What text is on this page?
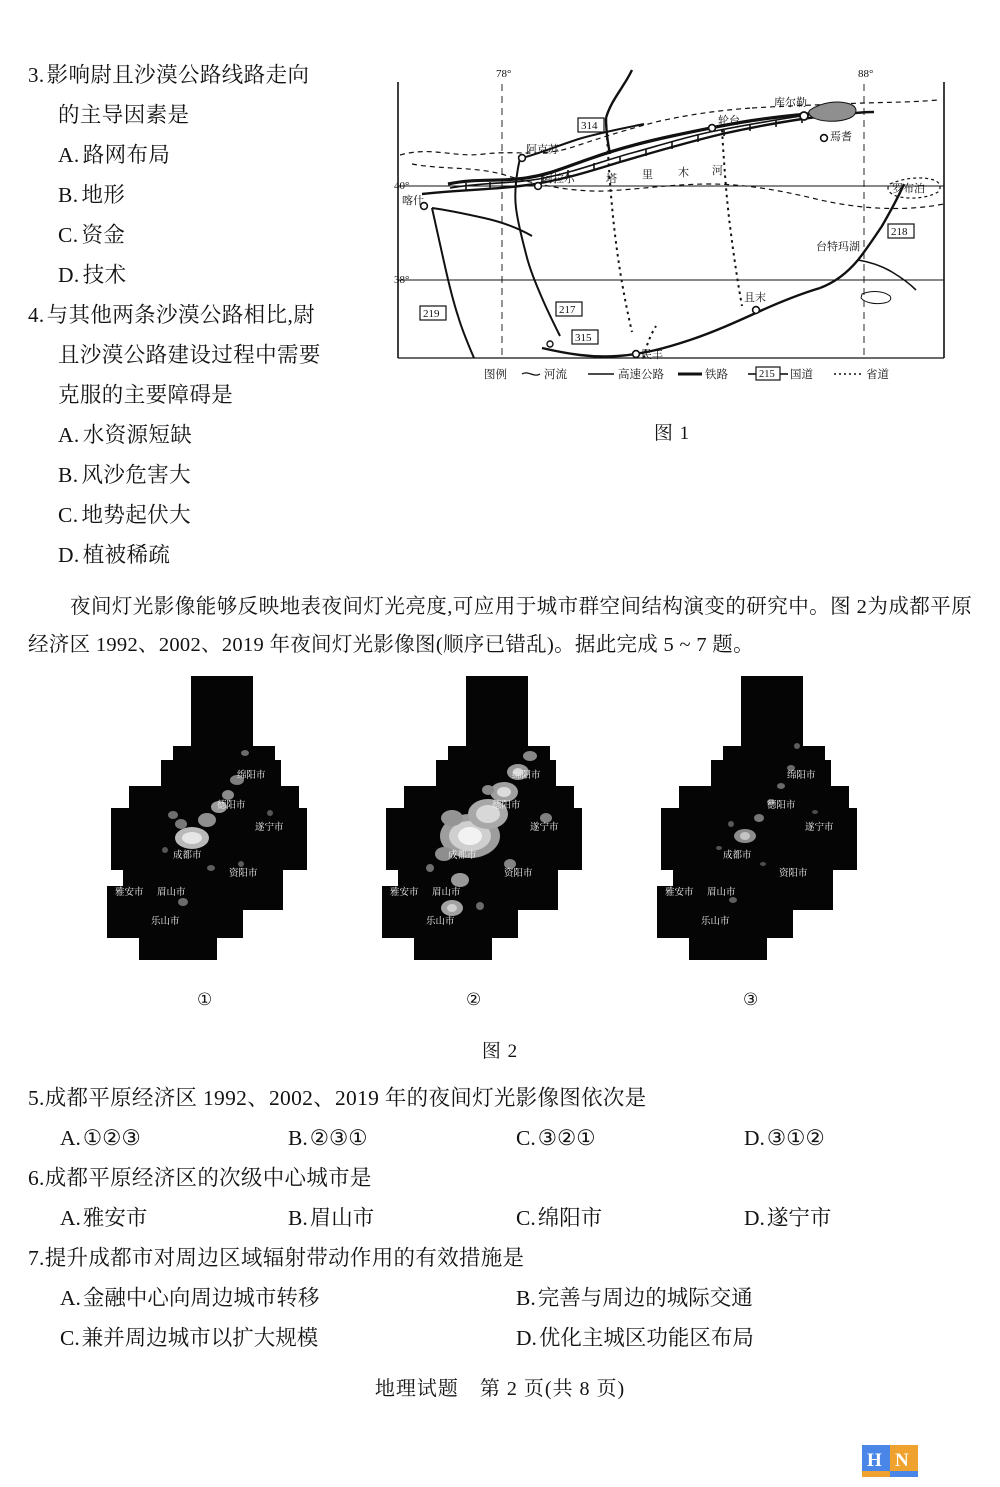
3. 影响尉且沙漠公路线路走向
的主导因素是
A. 路网布局
B. 地形
C. 资金
D. 技术
4. 与其他两条沙漠公路相比,尉
且沙漠公路建设过程中需要
克服的主要障碍是
A. 水资源短缺
B. 风沙危害大
C. 地势起伏大
D. 植被稀疏
78°	88°
40°
38°
喀什
阿克苏
阿拉尔
轮台
库尔勒
焉耆
民丰
且末
塔 里 木 河
罗布泊
台特玛湖
314
219	217
315
218
图例	河流	高速公路	铁路	215 国道	省道
图 1
夜间灯光影像能够反映地表夜间灯光亮度,可应用于城市群空间结构演变的研究中。图 2为成都平原经济区 1992、2002、2019 年夜间灯光影像图(顺序已错乱)。据此完成 5 ~ 7 题。
绵阳市
德阳市
遂宁市
成都市
资阳市
雅安市 眉山市
乐山市
①
绵阳市
德阳市
遂宁市
成都市
资阳市
雅安市 眉山市
乐山市
②
绵阳市
德阳市
遂宁市
成都市
资阳市
雅安市 眉山市
乐山市
③
图 2
5.成都平原经济区 1992、2002、2019 年的夜间灯光影像图依次是
A.①②③	B.②③①	C.③②①	D.③①②
6.成都平原经济区的次级中心城市是
A.雅安市	B.眉山市	C.绵阳市	D.遂宁市
7.提升成都市对周边区域辐射带动作用的有效措施是
A.金融中心向周边城市转移	B.完善与周边的城际交通
C.兼并周边城市以扩大规模	D.优化主城区功能区布局
地理试题　第 2 页(共 8 页)
H N
